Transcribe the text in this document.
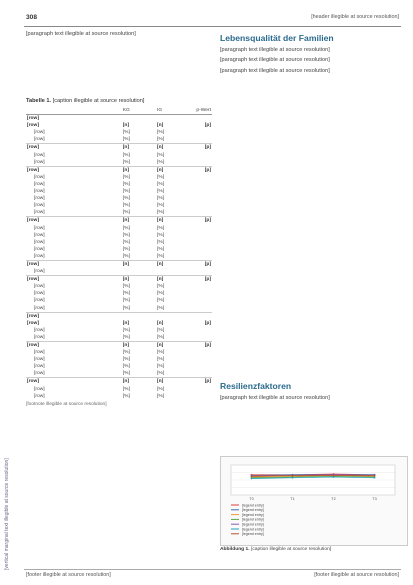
308	[header illegible at source resolution]
[vertical marginal text illegible at source resolution]

[paragraph text illegible at source resolution]

Tabelle 1. [caption illegible at source resolution]
	KG	IG	p-Wert
[row]			
[row]	[n]	[n]	[p]
[row]	[%]	[%]	
[row]	[%]	[%]	
[row]	[n]	[n]	[p]
[row]	[%]	[%]	
[row]	[%]	[%]	
[row]	[n]	[n]	[p]
[row]	[%]	[%]	
[row]	[%]	[%]	
[row]	[%]	[%]	
[row]	[%]	[%]	
[row]	[%]	[%]	
[row]	[%]	[%]	
[row]	[n]	[n]	[p]
[row]	[%]	[%]	
[row]	[%]	[%]	
[row]	[%]	[%]	
[row]	[%]	[%]	
[row]	[%]	[%]	
[row]	[n]	[n]	[p]
[row]			
[row]	[n]	[n]	[p]
[row]	[%]	[%]	
[row]	[%]	[%]	
[row]	[%]	[%]	
[row]	[%]	[%]	
[row]			
[row]	[n]	[n]	[p]
[row]	[%]	[%]	
[row]	[%]	[%]	
[row]	[n]	[n]	[p]
[row]	[%]	[%]	
[row]	[%]	[%]	
[row]	[%]	[%]	
[row]	[%]	[%]	
[row]	[n]	[n]	[p]
[row]	[%]	[%]	
[row]	[%]	[%]	
[footnote illegible at source resolution]
Lebensqualität der Familien

[paragraph text illegible at source resolution]

[paragraph text illegible at source resolution]

[paragraph text illegible at source resolution]

Resilienzfaktoren

[paragraph text illegible at source resolution]

T0	T1	T2	T3
[legend entry]
[legend entry]
[legend entry]
[legend entry]
[legend entry]
[legend entry]
[legend entry]
Abbildung 1. [caption illegible at source resolution]
[footer illegible at source resolution]	[footer illegible at source resolution]
